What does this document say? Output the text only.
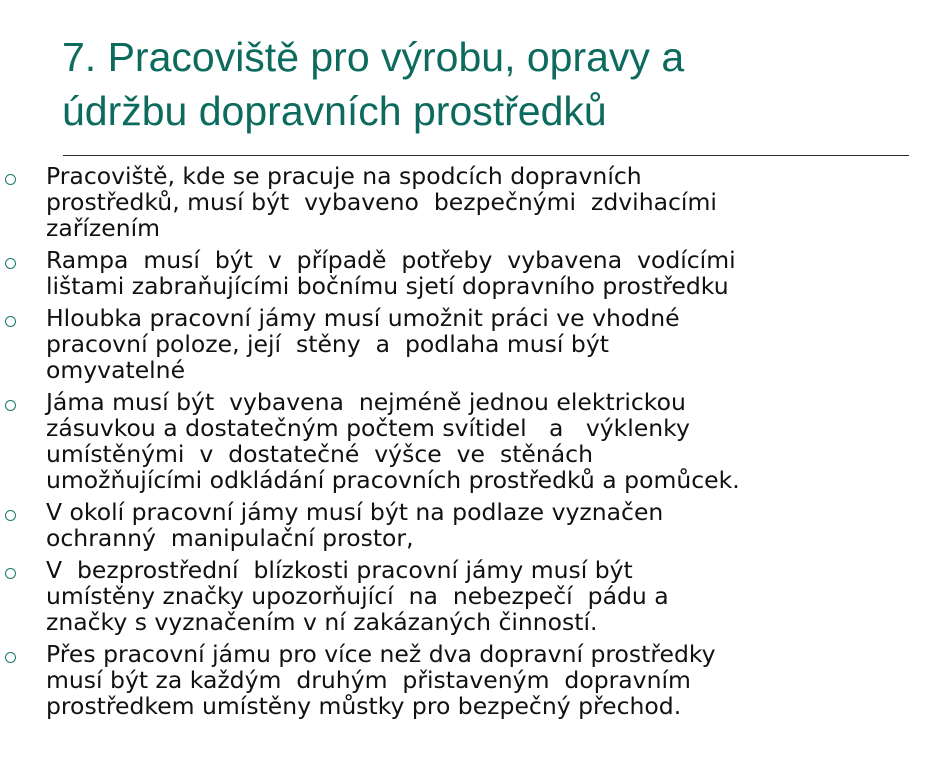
7. Pracoviště pro výrobu, opravy a
údržbu dopravních prostředků
Pracoviště, kde se pracuje na spodcích dopravních
prostředků, musí být  vybaveno  bezpečnými  zdvihacími
zařízením
Rampa  musí  být  v  případě  potřeby  vybavena  vodícími
lištami zabraňujícími bočnímu sjetí dopravního prostředku
Hloubka pracovní jámy musí umožnit práci ve vhodné
pracovní poloze, její  stěny  a  podlaha musí být
omyvatelné
Jáma musí být  vybavena  nejméně jednou elektrickou
zásuvkou a dostatečným počtem svítidel   a   výklenky
umístěnými  v  dostatečné  výšce  ve  stěnách
umožňujícími odkládání pracovních prostředků a pomůcek.
V okolí pracovní jámy musí být na podlaze vyznačen
ochranný  manipulační prostor,
V  bezprostřední  blízkosti pracovní jámy musí být
umístěny značky upozorňující  na  nebezpečí  pádu a
značky s vyznačením v ní zakázaných činností.
Přes pracovní jámu pro více než dva dopravní prostředky
musí být za každým  druhým  přistaveným  dopravním
prostředkem umístěny můstky pro bezpečný přechod.
